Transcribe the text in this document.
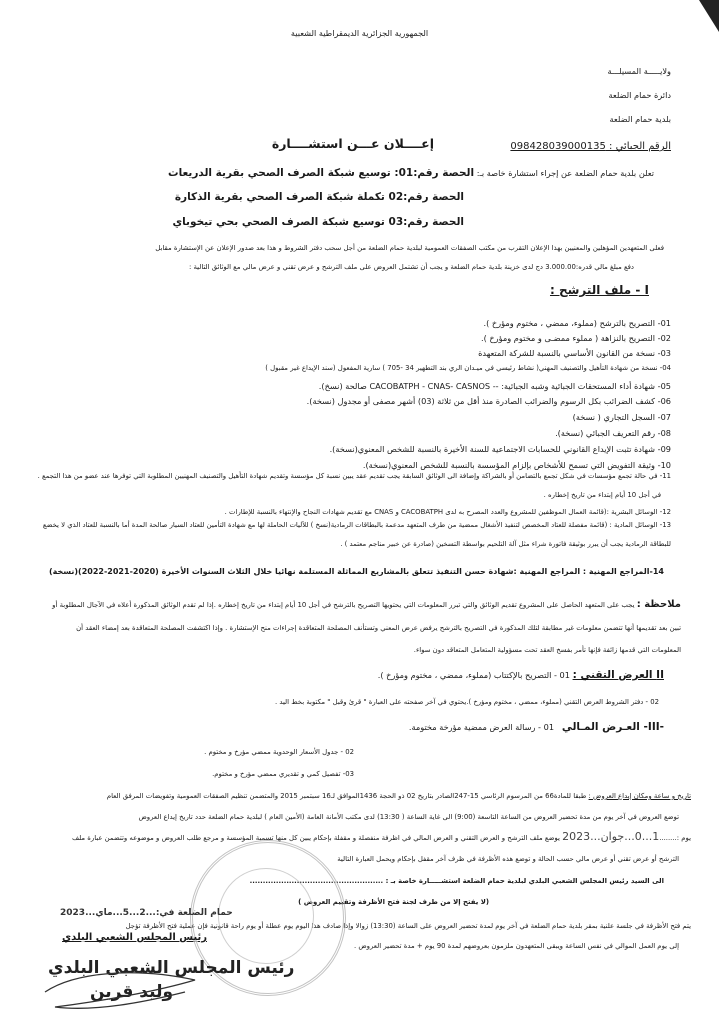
الجمهورية الجزائرية الديمقراطية الشعبية
ولايـــــة المسيلـــة
دائرة حمام الضلعة
بلدية حمام الضلعة
الرقم الجبائي : 098428039000135
إعــــلان عـــن استشــــارة
تعلن بلدية حمام الضلعة عن إجراء استشارة خاصة بـ: الحصة رقم:01: توسيع شبكة الصرف الصحي بقرية الدريعات
الحصة رقم:02 تكملة شبكة الصرف الصحي بقرية الذكارة
الحصة رقم:03 توسيع شبكة الصرف الصحي بحي تيخوباي
فعلى المتعهدين المؤهلين والمعنيين بهذا الإعلان التقرب من مكتب الصفقات العمومية لبلدية حمام الضلعة من أجل سحب دفتر الشروط و هذا بعد صدور الإعلان عن الإستشارة مقابل
دفع مبلغ مالي قدره:3.000.00 دج لدى خزينة بلدية حمام الضلعة و يجب أن تشتمل العروض على ملف الترشح و عرض تقني و عرض مالي مع الوثائق التالية :
I - ملف الترشح :
01- التصريح بالترشح (مملوء، ممضي ، مختوم ومؤرخ ).
02- التصريح بالنزاهة ( مملوء ممضـى و مختوم ومؤرخ ).
03- نسخة من القانون الأساسي بالنسبة للشركة المتعهدة
04- نسخة من شهادة التأهيل والتصنيف المهني( نشاط رئيسي في ميـدان الري بند التطهير 34 -705 ) سارية المفعول (سند الإيداع غير مقبول )
05- شهادة أداء المستحقات الجبائية وشبه الجبائية: -- CACOBATPH - CNAS- CASNOS صالحة (نسخ).
06- كشف الضرائب بكل الرسوم والضرائب الصادرة منذ أقل من ثلاثة (03) أشهر مصفى أو مجدول (نسخة).
07- السجل التجاري ( نسخة)
08- رقم التعريف الجبائي (نسخة).
09- شهادة تثبت الإيداع القانوني للحسابات الاجتماعية للسنة الأخيرة بالنسبة للشخص المعنوي(نسخة).
10- وثيقة التفويض التي تسمح للأشخاص بإلزام المؤسسة بالنسبة للشخص المعنوي(نسخة).
11- في حالة تجمع مؤسسات في شكل تجمع بالتضامن أو بالشراكة وإضافة الى الوثائق السابقة يجب تقديم عقد يبين نسبة كل مؤسسة وتقديم شهادة التأهيل والتصنيف المهنيين المطلوبة التي توفرها عند عضو من هذا التجمع .
في أجل 10 أيام إبتداء من تاريخ إخطاره .
12- الوسائل البشرية :(قائمة العمال الموظفين للمشروع والعدد المصرح به لدى CACOBATPH و CNAS مع تقديم شهادات النجاح والإنتهاء بالنسبة للإطارات .
13- الوسائل المادية : (قائمة مفصلة للعتاد المخصص لتنفيذ الأشغال ممضية من طرف المتعهد مدعمة بالبطاقات الرمادية(نسخ ) للآليات الحاملة لها مع شهادة التأمين للعتاد السيار صالحة المدة أما بالنسبة للعتاد الذي لا يخضع
للبطاقة الرمادية يجب أن يبرر بوثيقة فاتورة شراء مثل آلة التلحيم بواسطة التسخين (صادرة عن خبير مناجم معتمد ) .
14-المراجع المهنية : المراجع المهنية :شهادة حسن التنفيذ تتعلق بالمشاريع المماثلة المستلمة نهائيا خلال الثلاث السنوات الأخيرة (2020-2021-2022)(نسخة)
ملاحظة : يجب على المتعهد الحاصل على المشروع تقديم الوثائق والتي تبرر المعلومات التي يحتويها التصريح بالترشح في أجل 10 أيام إبتداء من تاريخ إخطاره .إذا لم تقدم الوثائق المذكورة أعلاه في الآجال المطلوبة أو
تبين بعد تقديمها أنها تتضمن معلومات غير مطابقة لتلك المذكورة في التصريح بالترشح يرفض عرض المعني وتستأنف المصلحة المتعاقدة إجراءات منح الإستشارة . وإذا اكتشفت المصلحة المتعاقدة بعد إمضاء العقد أن
المعلومات التي قدمها زائفة فإنها تأمر بفسخ العقد تحت مسؤولية المتعامل المتعاقد دون سواء.
II العرض التقني : 01 - التصريح بالإكتتاب (مملوء، ممضي ، مختوم ومؤرخ ).
02 - دفتر الشروط العرض التقني (مملوء، ممضي ، مختوم ومؤرخ ).يحتوي في آخر صفحته على العبارة " قرئ وقبل " مكتوبة بخط اليد .
-III- العـرض المـالي   01 - رسالة العرض ممضية مؤرخة مختومة.
02 - جدول الأسعار الوحدوية ممضي مؤرخ و مختوم .
03- تفصيل كمي و تقديري ممضي مؤرخ و مختوم.
تاريخ و ساعة ومكان إيداع العروض : طبقا للمادة66 من المرسوم الرئاسي 15-247الصادر بتاريخ 02 ذو الحجة 1436الموافق لـ16 سبتمبر 2015 والمتضمن تنظيم الصفقات العمومية وتفويضات المرفق العام
توضع العروض في آخر يوم من مدة تحضير العروض من الساعة التاسعة (9:00) الى غاية الساعة ( 13:30) لدى مكتب الأمانة العامة (الأمين العام ) لبلدية حمام الضلعة حدد تاريخ إيداع العروض
يوم :........1...0...جوان...2023 يوضع ملف الترشح و العرض التقني و العرض المالي في اظرفة منفصلة و مقفلة بإحكام يبين كل منها تسمية المؤسسة و مرجع طلب العروض و موضوعه وتتضمن عبارة ملف
الترشح أو عرض تقني أو عرض مالي حسب الحالة و توضع هذه الأظرفة في ظرف آخر مقفل بإحكام ويحمل العبارة التالية
الى السيد رئيس المجلس الشعبي البلدي لبلدية حمام الضلعة استشـــــارة خاصة بـ : ...................................................
(لا يفتح إلا من طرف لجنة فتح الأظرفة وتقييم العروض )
يتم فتح الأظرفة في جلسة علنية بمقر بلدية حمام الضلعة في آخر يوم لمدة تحضير العروض على الساعة (13:30) زوالا وإذا صادف هذا اليوم يوم عطلة أو يوم راحة قانونية فإن عملية فتح الأظرفة تؤجل
إلى يوم العمل الموالي في نفس الساعة ويبقى المتعهدون ملزمون بعروضهم لمدة 90 يوم + مدة تحضير العروض .
حمام الضلعة في:...2...5...ماي...2023
رئيس المجلس الشعبي البلدي
رئيس المجلس الشعبي البلدي
وليد قرين
